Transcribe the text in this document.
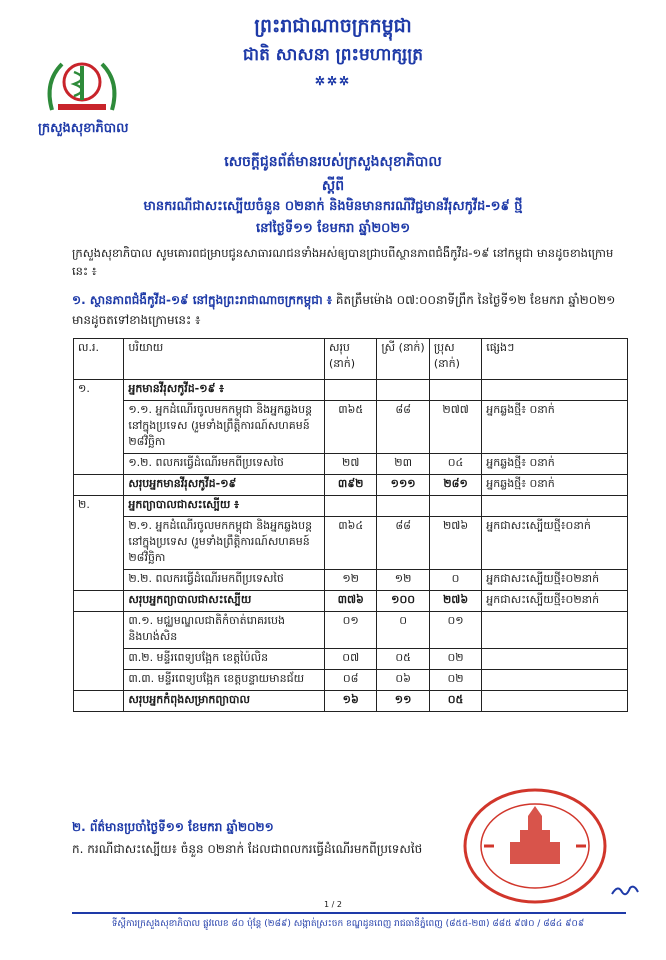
ព្រះរាជាណាចក្រកម្ពុជា
ជាតិ សាសនា ព្រះមហាក្សត្រ
✲✲✲
ក្រសួងសុខាភិបាល
សេចក្តីជូនព័ត៌មានរបស់ក្រសួងសុខាភិបាល
ស្តីពី
មានករណីជាសះស្បើយចំនួន ០២នាក់ និងមិនមានករណីវិជ្ជមានវីរុសកូវីដ-១៩ ថ្មី
នៅថ្ងៃទី១១ ខែមករា ឆ្នាំ២០២១
ក្រសួងសុខាភិបាល សូមគោរពជម្រាបជូនសាធារណជនទាំងអស់ឲ្យបានជ្រាបពីស្ថានភាពជំងឺកូវីដ-១៩ នៅកម្ពុជា មានដូចខាងក្រោមនេះ ៖
១. ស្ថានភាពជំងឺកូវីដ-១៩ នៅក្នុងព្រះរាជាណាចក្រកម្ពុជា ៖ គិតត្រឹមម៉ោង ០៧:០០នាទីព្រឹក នៃថ្ងៃទី១២ ខែមករា ឆ្នាំ២០២១ មានដូចតទៅខាងក្រោមនេះ ៖
ល.រ.	បរិយាយ	សរុប (នាក់)	ស្រី (នាក់)	ប្រុស (នាក់)	ផ្សេងៗ
១.	អ្នកមានវីរុសកូវីដ-១៩ ៖				
	១.១. អ្នកដំណើរចូលមកកម្ពុជា និងអ្នកឆ្លងបន្តនៅក្នុងប្រទេស (រួមទាំងព្រឹត្តិការណ៍សហគមន៍ ២៨វិច្ឆិកា	៣៦៥	៨៨	២៧៧	អ្នកឆ្លងថ្មី៖ ០នាក់
	១.២. ពលករធ្វើដំណើរមកពីប្រទេសថៃ	២៧	២៣	០៤	អ្នកឆ្លងថ្មី៖ ០នាក់
	សរុបអ្នកមានវីរុសកូវីដ-១៩	៣៩២	១១១	២៨១	អ្នកឆ្លងថ្មី៖ ០នាក់
២.	អ្នកព្យាបាលជាសះស្បើយ ៖				
	២.១. អ្នកដំណើរចូលមកកម្ពុជា និងអ្នកឆ្លងបន្តនៅក្នុងប្រទេស (រួមទាំងព្រឹត្តិការណ៍សហគមន៍ ២៨វិច្ឆិកា	៣៦៤	៨៨	២៧៦	អ្នកជាសះស្បើយថ្មី៖០នាក់
	២.២. ពលករធ្វើដំណើរមកពីប្រទេសថៃ	១២	១២	០	អ្នកជាសះស្បើយថ្មី៖០២នាក់
	សរុបអ្នកព្យាបាលជាសះស្បើយ	៣៧៦	១០០	២៧៦	អ្នកជាសះស្បើយថ្មី៖០២នាក់
	៣.១. មជ្ឈមណ្ឌលជាតិកំចាត់រោគរបេង និងហង់សិន	០១	០	០១	
	៣.២. មន្ទីរពេទ្យបង្អែក ខេត្តប៉ៃលិន	០៧	០៥	០២	
	៣.៣. មន្ទីរពេទ្យបង្អែក ខេត្តបន្ទាយមានជ័យ	០៨	០៦	០២	
	សរុបអ្នកកំពុងសម្រាកព្យាបាល	១៦	១១	០៥	
២. ព័ត៌មានប្រចាំថ្ងៃទី១១ ខែមករា ឆ្នាំ២០២១
ក. ករណីជាសះស្បើយ៖ ចំនួន ០២នាក់ ដែលជាពលករធ្វើដំណើរមកពីប្រទេសថៃ
1 / 2
ទីស្តីការក្រសួងសុខាភិបាល ផ្លូវលេខ ៨០ ប៉ុន្តែ (២៨៩) សង្កាត់ស្រះចក ខណ្ឌដូនពេញ រាជធានីភ្នំពេញ (៨៥៥-២៣) ៨៨៥ ៩៧០ / ៨៨៤ ៩០៩
